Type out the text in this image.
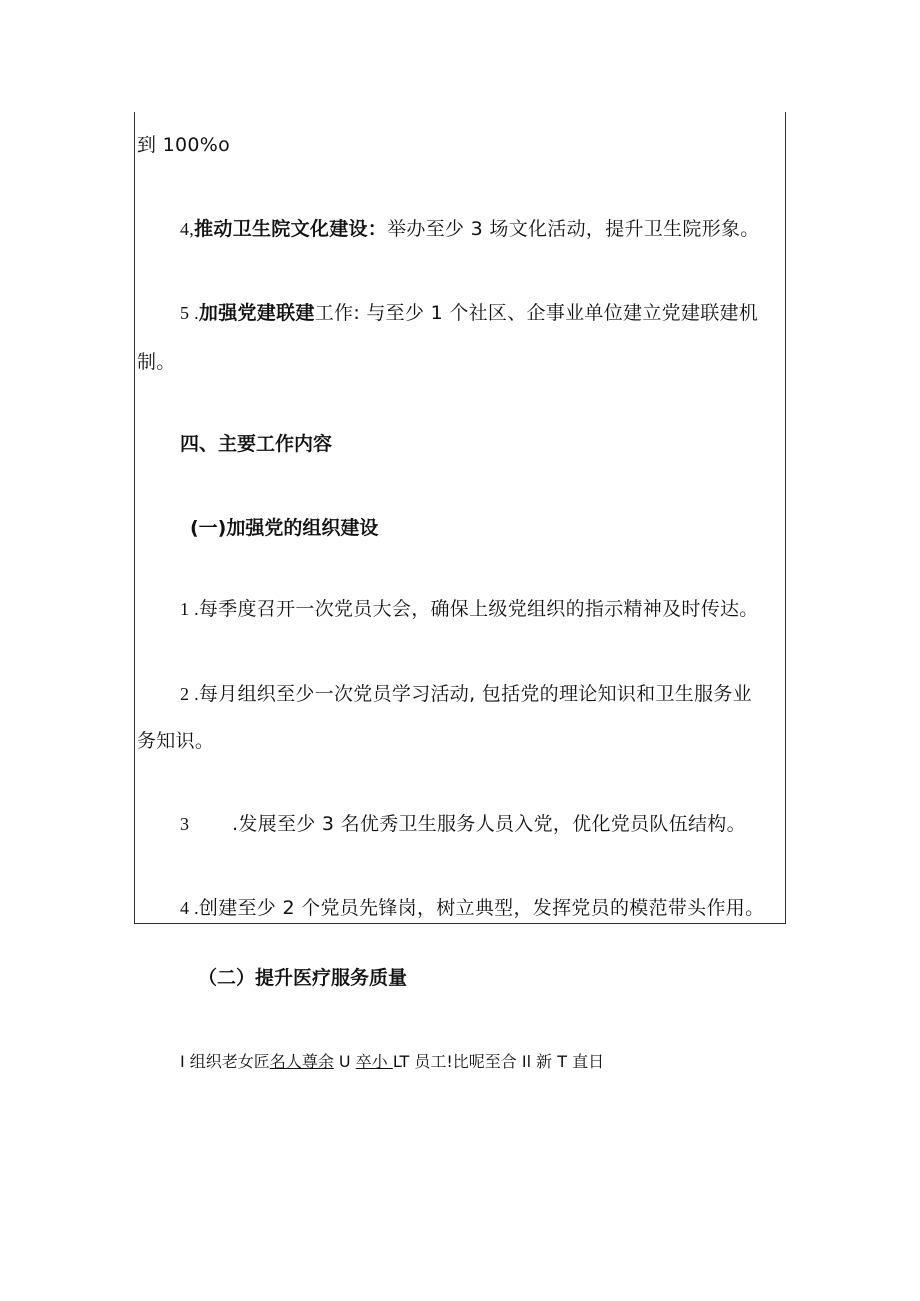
到 100%o
4,推动卫生院文化建设：举办至少 3 场文化活动，提升卫生院形象。
5 .加强党建联建工作: 与至少 1 个社区、企事业单位建立党建联建机
制。
四、主要工作内容
(一)加强党的组织建设
1 .每季度召开一次党员大会，确保上级党组织的指示精神及时传达。
2 .每月组织至少一次党员学习活动, 包括党的理论知识和卫生服务业
务知识。
3 .发展至少 3 名优秀卫生服务人员入党，优化党员队伍结构。
4 .创建至少 2 个党员先锋岗，树立典型，发挥党员的模范带头作用。
（二）提升医疗服务质量
I 组织老女匠名人尊余 U 卒小 LT 员工!比呢至合 Il 新 T 直日
